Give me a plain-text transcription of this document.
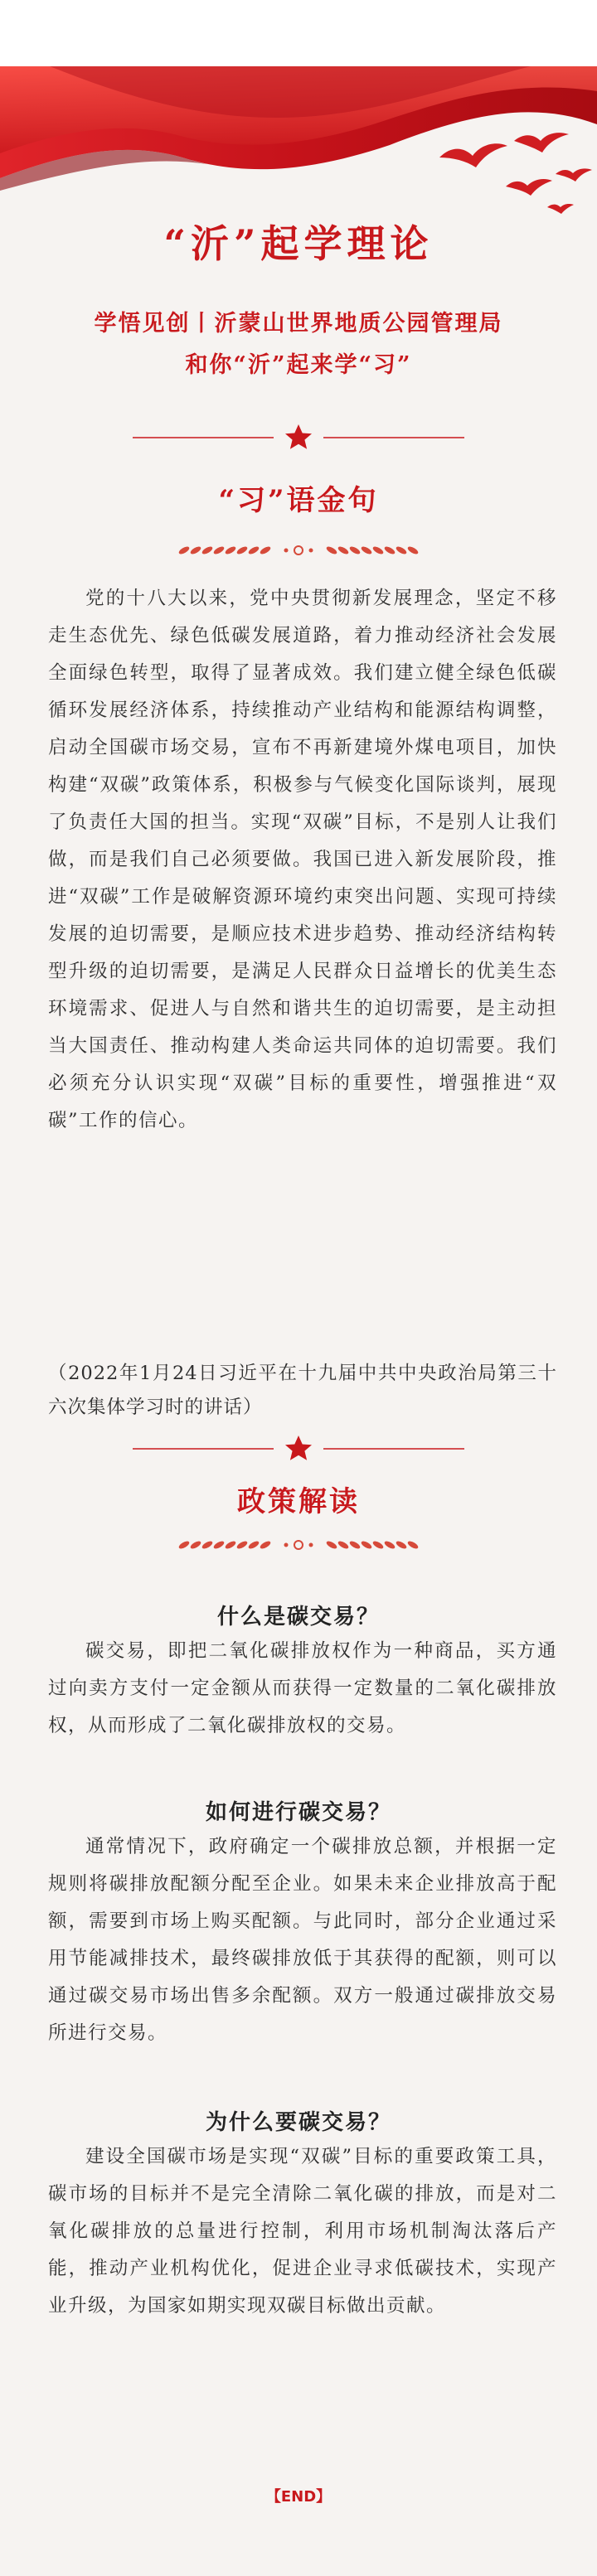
“沂”起学理论
学悟见创丨沂蒙山世界地质公园管理局
和你“沂”起来学“习”
“习”语金句
党的十八大以来，党中央贯彻新发展理念，坚定不移走生态优先、绿色低碳发展道路，着力推动经济社会发展全面绿色转型，取得了显著成效。我们建立健全绿色低碳循环发展经济体系，持续推动产业结构和能源结构调整，启动全国碳市场交易，宣布不再新建境外煤电项目，加快构建“双碳”政策体系，积极参与气候变化国际谈判，展现了负责任大国的担当。实现“双碳”目标，不是别人让我们做，而是我们自己必须要做。我国已进入新发展阶段，推进“双碳”工作是破解资源环境约束突出问题、实现可持续发展的迫切需要，是顺应技术进步趋势、推动经济结构转型升级的迫切需要，是满足人民群众日益增长的优美生态环境需求、促进人与自然和谐共生的迫切需要，是主动担当大国责任、推动构建人类命运共同体的迫切需要。我们必须充分认识实现“双碳”目标的重要性，增强推进“双碳”工作的信心。
（2022年1月24日习近平在十九届中共中央政治局第三十六次集体学习时的讲话）
政策解读
什么是碳交易？
碳交易，即把二氧化碳排放权作为一种商品，买方通过向卖方支付一定金额从而获得一定数量的二氧化碳排放权，从而形成了二氧化碳排放权的交易。
如何进行碳交易？
通常情况下，政府确定一个碳排放总额，并根据一定规则将碳排放配额分配至企业。如果未来企业排放高于配额，需要到市场上购买配额。与此同时，部分企业通过采用节能减排技术，最终碳排放低于其获得的配额，则可以通过碳交易市场出售多余配额。双方一般通过碳排放交易所进行交易。
为什么要碳交易？
建设全国碳市场是实现“双碳”目标的重要政策工具，碳市场的目标并不是完全清除二氧化碳的排放，而是对二氧化碳排放的总量进行控制，利用市场机制淘汰落后产能，推动产业机构优化，促进企业寻求低碳技术，实现产业升级，为国家如期实现双碳目标做出贡献。
【END】
